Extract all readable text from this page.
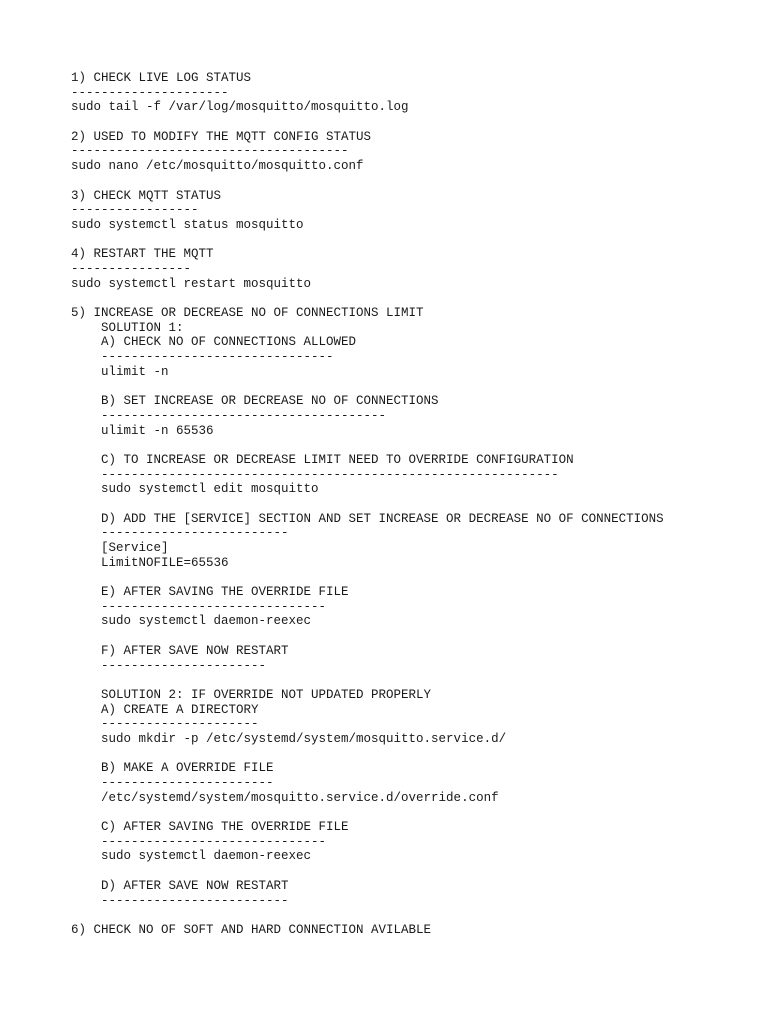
1) CHECK LIVE LOG STATUS
---------------------
sudo tail -f /var/log/mosquitto/mosquitto.log
2) USED TO MODIFY THE MQTT CONFIG STATUS
-------------------------------------
sudo nano /etc/mosquitto/mosquitto.conf
3) CHECK MQTT STATUS
-----------------
sudo systemctl status mosquitto
4) RESTART THE MQTT
----------------
sudo systemctl restart mosquitto
5) INCREASE OR DECREASE NO OF CONNECTIONS LIMIT
SOLUTION 1:
A) CHECK NO OF CONNECTIONS ALLOWED
-------------------------------
ulimit -n
B) SET INCREASE OR DECREASE NO OF CONNECTIONS
--------------------------------------
ulimit -n 65536
C) TO INCREASE OR DECREASE LIMIT NEED TO OVERRIDE CONFIGURATION
-------------------------------------------------------------
sudo systemctl edit mosquitto
D) ADD THE [SERVICE] SECTION AND SET INCREASE OR DECREASE NO OF CONNECTIONS
-------------------------
[Service]
LimitNOFILE=65536
E) AFTER SAVING THE OVERRIDE FILE
------------------------------
sudo systemctl daemon-reexec
F) AFTER SAVE NOW RESTART
----------------------
SOLUTION 2: IF OVERRIDE NOT UPDATED PROPERLY
A) CREATE A DIRECTORY
---------------------
sudo mkdir -p /etc/systemd/system/mosquitto.service.d/
B) MAKE A OVERRIDE FILE
-----------------------
/etc/systemd/system/mosquitto.service.d/override.conf
C) AFTER SAVING THE OVERRIDE FILE
------------------------------
sudo systemctl daemon-reexec
D) AFTER SAVE NOW RESTART
-------------------------
6) CHECK NO OF SOFT AND HARD CONNECTION AVILABLE
